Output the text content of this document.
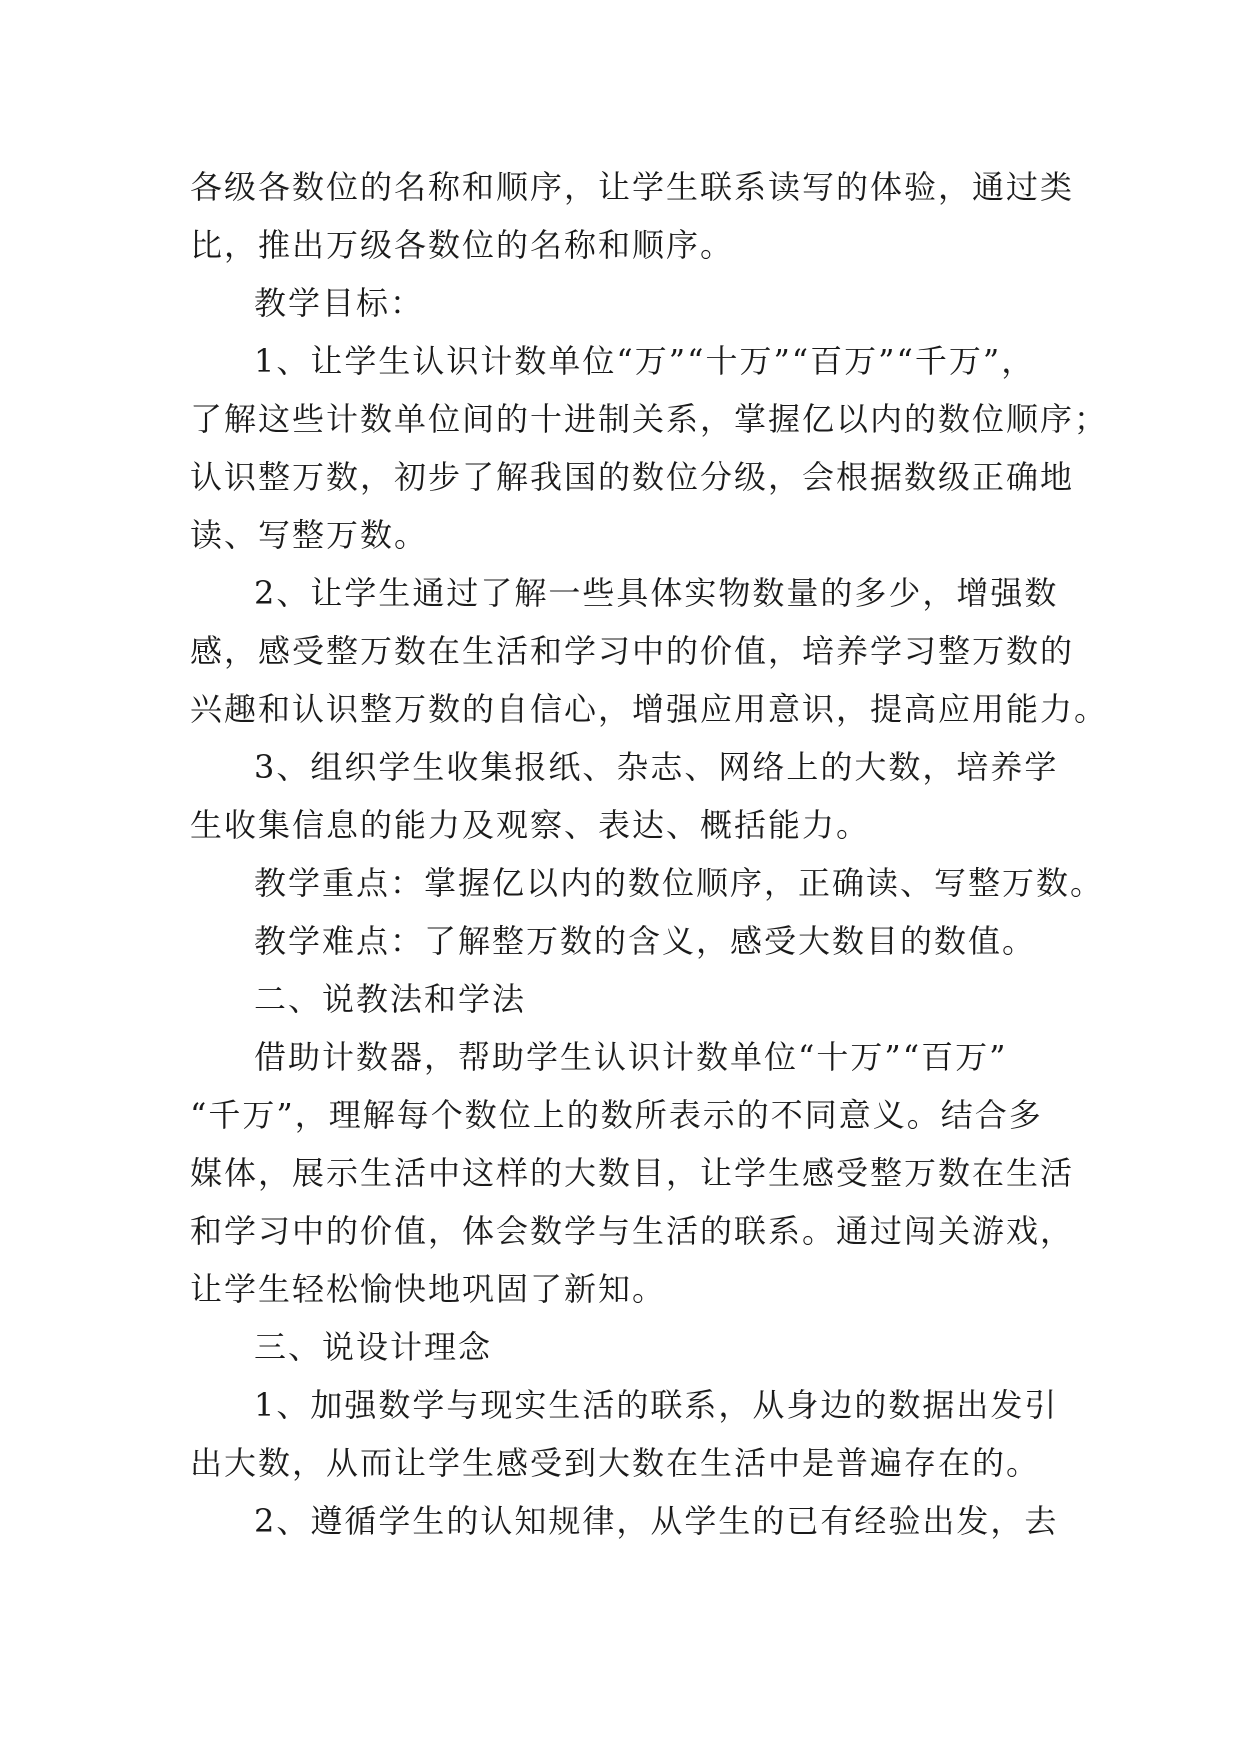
各级各数位的名称和顺序，让学生联系读写的体验，通过类
比，推出万级各数位的名称和顺序。
教学目标：
1、让学生认识计数单位“万”“十万”“百万”“千万”，
了解这些计数单位间的十进制关系，掌握亿以内的数位顺序；
认识整万数，初步了解我国的数位分级，会根据数级正确地
读、写整万数。
2、让学生通过了解一些具体实物数量的多少，增强数
感，感受整万数在生活和学习中的价值，培养学习整万数的
兴趣和认识整万数的自信心，增强应用意识，提高应用能力。
3、组织学生收集报纸、杂志、网络上的大数，培养学
生收集信息的能力及观察、表达、概括能力。
教学重点：掌握亿以内的数位顺序，正确读、写整万数。
教学难点：了解整万数的含义，感受大数目的数值。
二、说教法和学法
借助计数器，帮助学生认识计数单位“十万”“百万”
“千万”，理解每个数位上的数所表示的不同意义。结合多
媒体，展示生活中这样的大数目，让学生感受整万数在生活
和学习中的价值，体会数学与生活的联系。通过闯关游戏，
让学生轻松愉快地巩固了新知。
三、说设计理念
1、加强数学与现实生活的联系，从身边的数据出发引
出大数，从而让学生感受到大数在生活中是普遍存在的。
2、遵循学生的认知规律，从学生的已有经验出发，去
